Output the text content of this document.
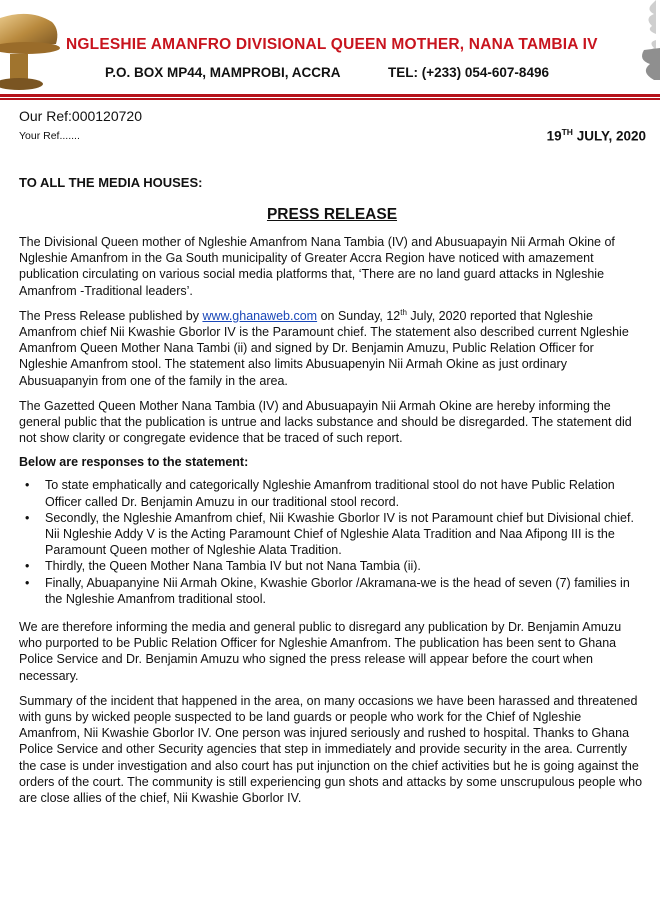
NGLESHIE AMANFRO DIVISIONAL QUEEN MOTHER, NANA TAMBIA IV
P.O. BOX MP44, MAMPROBI, ACCRA	TEL: (+233) 054-607-8496
Our Ref:000120720
Your Ref.......	19TH JULY, 2020
TO ALL THE MEDIA HOUSES:
PRESS RELEASE

The Divisional Queen mother of Ngleshie Amanfrom Nana Tambia (IV) and Abusuapayin Nii Armah Okine of Ngleshie Amanfrom in the Ga South municipality of Greater Accra Region have noticed with amazement publication circulating on various social media platforms that, ‘There are no land guard attacks in Ngleshie Amanfrom -Traditional leaders’.

The Press Release published by www.ghanaweb.com on Sunday, 12th July, 2020 reported that Ngleshie Amanfrom chief Nii Kwashie Gborlor IV is the Paramount chief. The statement also described current Ngleshie Amanfrom Queen Mother Nana Tambi (ii) and signed by Dr. Benjamin Amuzu, Public Relation Officer for Ngleshie Amanfrom stool. The statement also limits Abusuapenyin Nii Armah Okine as just ordinary Abusuapanyin from one of the family in the area.

The Gazetted Queen Mother Nana Tambia (IV) and Abusuapayin Nii Armah Okine are hereby informing the general public that the publication is untrue and lacks substance and should be disregarded. The statement did not show clarity or congregate evidence that be traced of such report.

Below are responses to the statement:
• To state emphatically and categorically Ngleshie Amanfrom traditional stool do not have Public Relation Officer called Dr. Benjamin Amuzu in our traditional stool record.
• Secondly, the Ngleshie Amanfrom chief, Nii Kwashie Gborlor IV is not Paramount chief but Divisional chief. Nii Ngleshie Addy V is the Acting Paramount Chief of Ngleshie Alata Tradition and Naa Afipong III is the Paramount Queen mother of Ngleshie Alata Tradition.
• Thirdly, the Queen Mother Nana Tambia IV but not Nana Tambia (ii).
• Finally, Abuapanyine Nii Armah Okine, Kwashie Gborlor /Akramana-we is the head of seven (7) families in the Ngleshie Amanfrom traditional stool.

We are therefore informing the media and general public to disregard any publication by Dr. Benjamin Amuzu who purported to be Public Relation Officer for Ngleshie Amanfrom. The publication has been sent to Ghana Police Service and Dr. Benjamin Amuzu who signed the press release will appear before the court when necessary.

Summary of the incident that happened in the area, on many occasions we have been harassed and threatened with guns by wicked people suspected to be land guards or people who work for the Chief of Ngleshie Amanfrom, Nii Kwashie Gborlor IV. One person was injured seriously and rushed to hospital. Thanks to Ghana Police Service and other Security agencies that step in immediately and provide security in the area. Currently the case is under investigation and also court has put injunction on the chief activities but he is going against the orders of the court. The community is still experiencing gun shots and attacks by some unscrupulous people who are close allies of the chief, Nii Kwashie Gborlor IV.
